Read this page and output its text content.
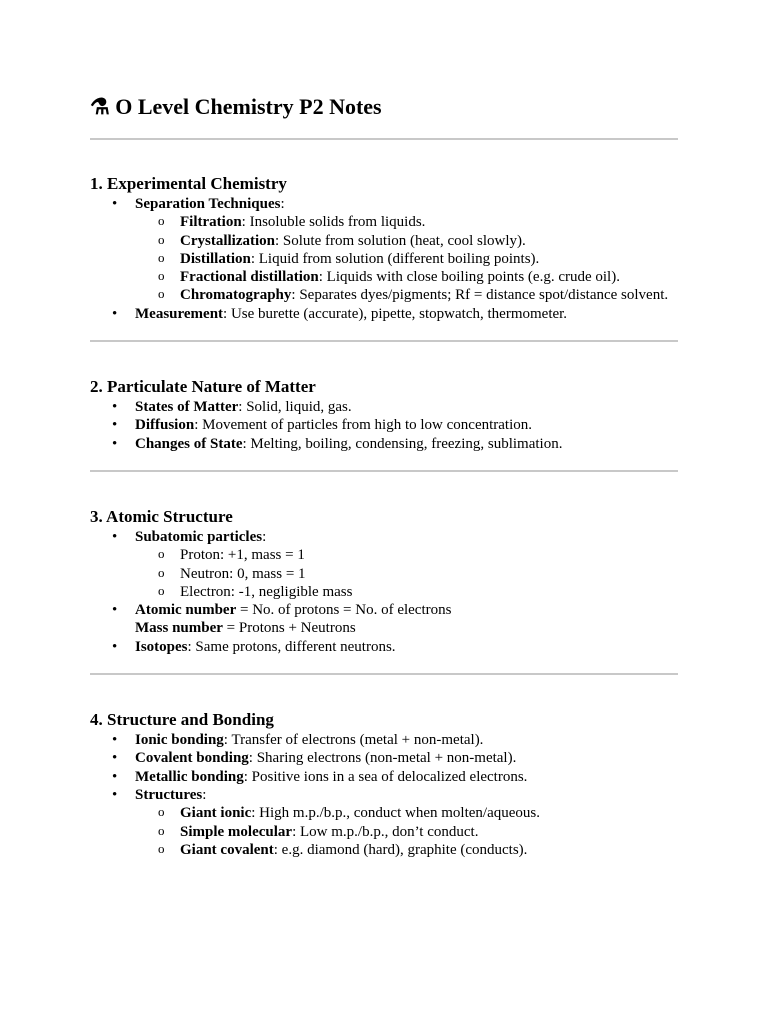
⚗ O Level Chemistry P2 Notes
1. Experimental Chemistry
• Separation Techniques:
o Filtration: Insoluble solids from liquids.
o Crystallization: Solute from solution (heat, cool slowly).
o Distillation: Liquid from solution (different boiling points).
o Fractional distillation: Liquids with close boiling points (e.g. crude oil).
o Chromatography: Separates dyes/pigments; Rf = distance spot/distance solvent.
• Measurement: Use burette (accurate), pipette, stopwatch, thermometer.
2. Particulate Nature of Matter
• States of Matter: Solid, liquid, gas.
• Diffusion: Movement of particles from high to low concentration.
• Changes of State: Melting, boiling, condensing, freezing, sublimation.
3. Atomic Structure
• Subatomic particles:
o Proton: +1, mass = 1
o Neutron: 0, mass = 1
o Electron: -1, negligible mass
• Atomic number = No. of protons = No. of electrons
Mass number = Protons + Neutrons
• Isotopes: Same protons, different neutrons.
4. Structure and Bonding
• Ionic bonding: Transfer of electrons (metal + non-metal).
• Covalent bonding: Sharing electrons (non-metal + non-metal).
• Metallic bonding: Positive ions in a sea of delocalized electrons.
• Structures:
o Giant ionic: High m.p./b.p., conduct when molten/aqueous.
o Simple molecular: Low m.p./b.p., don’t conduct.
o Giant covalent: e.g. diamond (hard), graphite (conducts).
